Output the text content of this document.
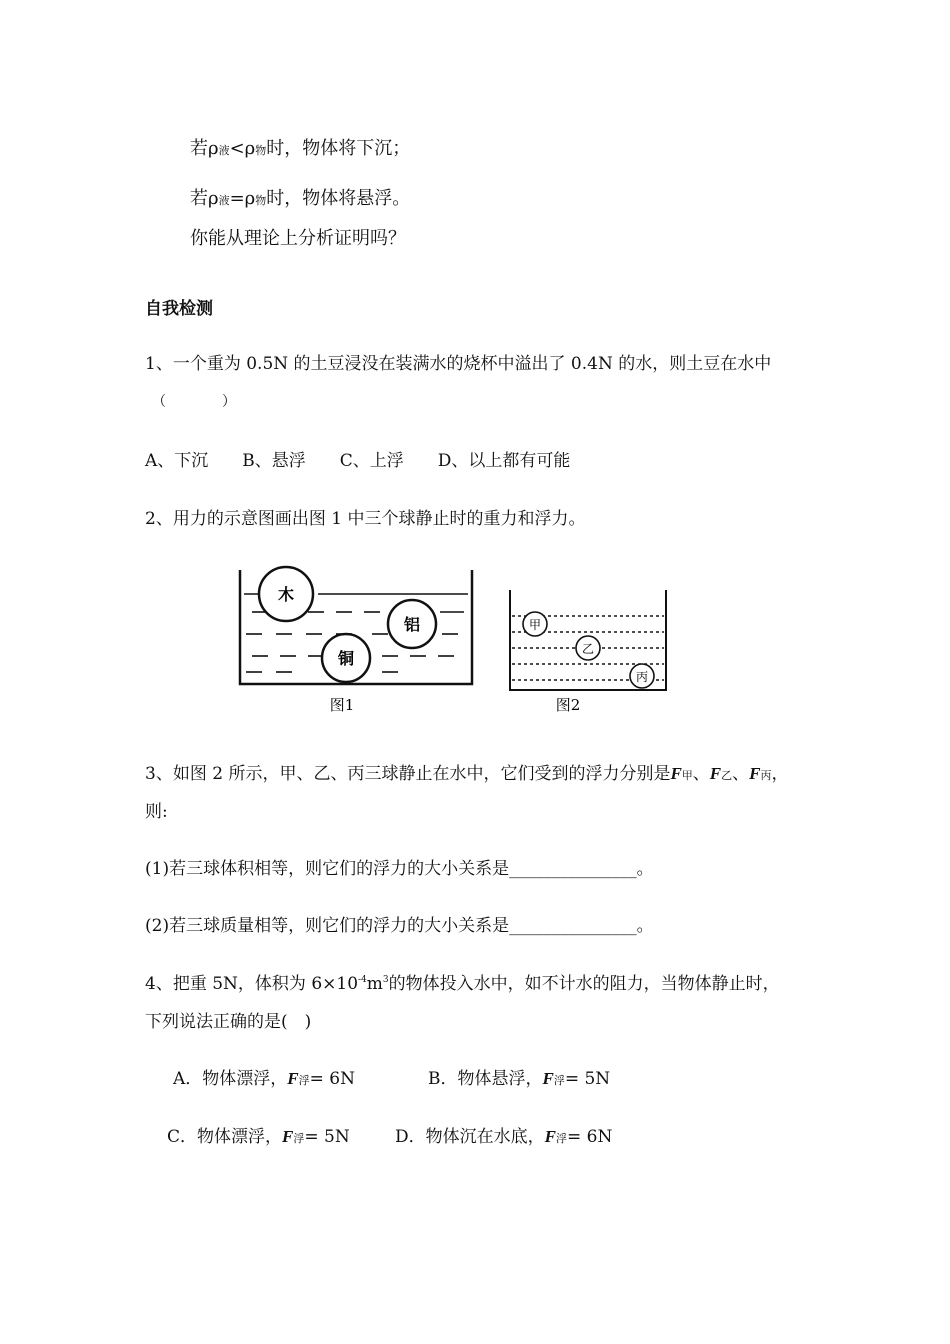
若ρ液<ρ物时，物体将下沉；
若ρ液=ρ物时，物体将悬浮。
你能从理论上分析证明吗？
自我检测
1、一个重为 0.5N 的土豆浸没在装满水的烧杯中溢出了 0.4N 的水，则土豆在水中
（　　　　）
A、下沉　　B、悬浮　　C、上浮　　D、以上都有可能
2、用力的示意图画出图 1 中三个球静止时的重力和浮力。
木
铝
铜
图1
甲
乙
丙
图2
3、如图 2 所示，甲、乙、丙三球静止在水中，它们受到的浮力分别是F甲、F乙、F丙，
则:
(1)若三球体积相等，则它们的浮力的大小关系是_______________。
(2)若三球质量相等，则它们的浮力的大小关系是_______________。
4、把重 5N，体积为 $6\times 10^{-4}m^3$的物体投入水中，如不计水的阻力，当物体静止时，
下列说法正确的是(　)
A．物体漂浮，F浮= 6N	B．物体悬浮，F浮= 5N
C．物体漂浮，F浮= 5N	D．物体沉在水底，F浮= 6N
